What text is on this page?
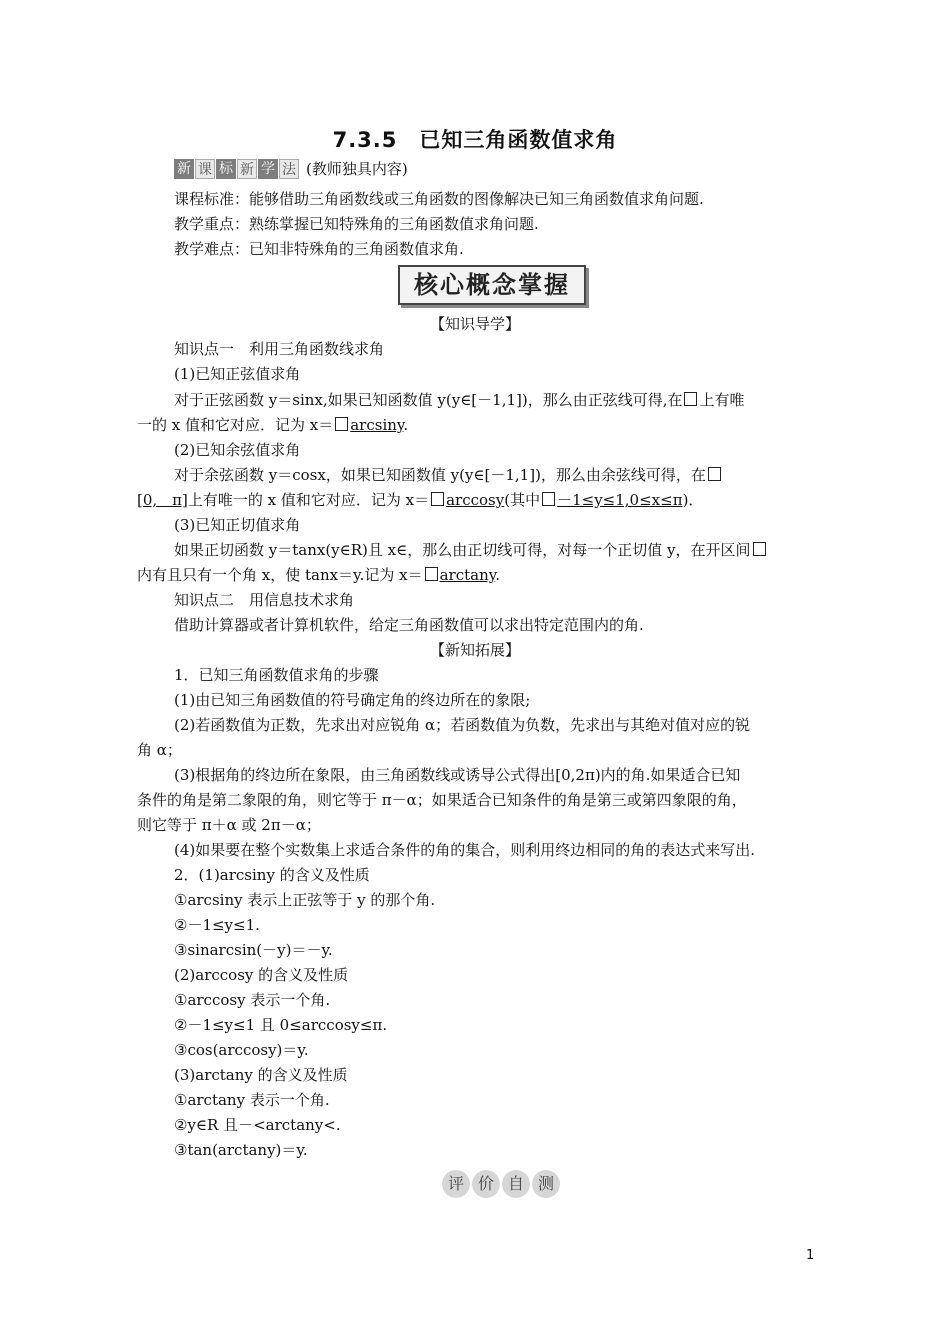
7.3.5　已知三角函数值求角
新 课 标 新 学 法 (教师独具内容)
课程标准：能够借助三角函数线或三角函数的图像解决已知三角函数值求角问题.
教学重点：熟练掌握已知特殊角的三角函数值求角问题.
教学难点：已知非特殊角的三角函数值求角.
核心概念掌握
【知识导学】
知识点一　利用三角函数线求角
(1)已知正弦值求角
对于正弦函数 y＝sinx,如果已知函数值 y(y∈[－1,1])，那么由正弦线可得,在 上有唯
一的 x 值和它对应．记为 x＝ arcsiny.
(2)已知余弦值求角
对于余弦函数 y＝cosx，如果已知函数值 y(y∈[－1,1])，那么由余弦线可得，在
[0,　π]上有唯一的 x 值和它对应．记为 x＝ arccosy(其中 －1≤y≤1,0≤x≤π)．
(3)已知正切值求角
如果正切函数 y＝tanx(y∈R)且 x∈，那么由正切线可得，对每一个正切值 y，在开区间
内有且只有一个角 x，使 tanx＝y.记为 x＝ arctany.
知识点二　用信息技术求角
借助计算器或者计算机软件，给定三角函数值可以求出特定范围内的角.
【新知拓展】
1．已知三角函数值求角的步骤
(1)由已知三角函数值的符号确定角的终边所在的象限;
(2)若函数值为正数，先求出对应锐角 α；若函数值为负数，先求出与其绝对值对应的锐
角 α；
(3)根据角的终边所在象限，由三角函数线或诱导公式得出[0,2π)内的角.如果适合已知
条件的角是第二象限的角，则它等于 π－α；如果适合已知条件的角是第三或第四象限的角，
则它等于 π＋α 或 2π－α；
(4)如果要在整个实数集上求适合条件的角的集合，则利用终边相同的角的表达式来写出.
2．(1)arcsiny 的含义及性质
①arcsiny 表示上正弦等于 y 的那个角.
②－1≤y≤1.
③sinarcsin(－y)＝－y.
(2)arccosy 的含义及性质
①arccosy 表示一个角.
②－1≤y≤1 且 0≤arccosy≤π.
③cos(arccosy)＝y.
(3)arctany 的含义及性质
①arctany 表示一个角.
②y∈R 且－<arctany<.
③tan(arctany)＝y.
评 价 自 测
1
